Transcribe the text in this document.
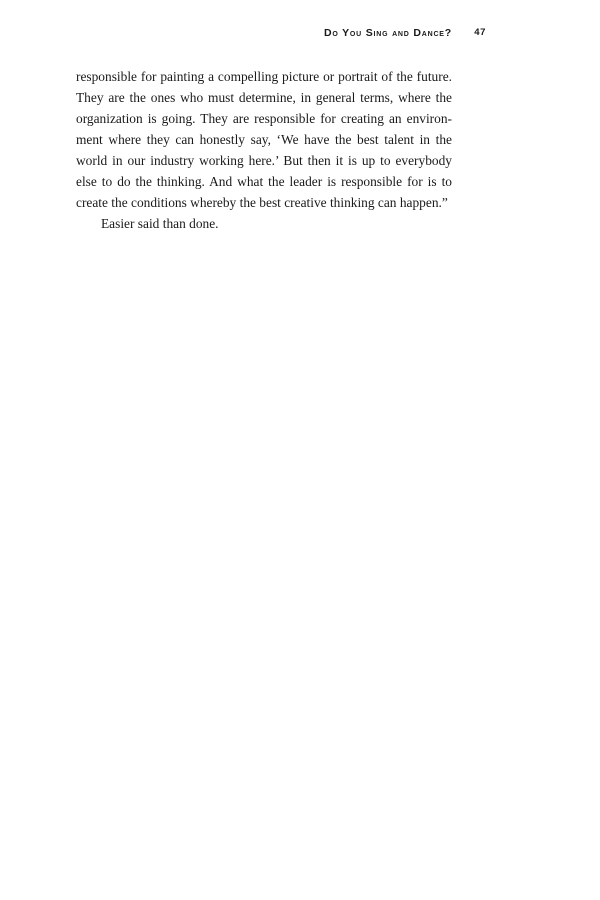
Do You Sing and Dance? 47

responsible for painting a compelling picture or portrait of the future. They are the ones who must determine, in general terms, where the organization is going. They are responsible for creating an environment where they can honestly say, ‘We have the best talent in the world in our industry working here.’ But then it is up to everybody else to do the thinking. And what the leader is responsible for is to create the conditions whereby the best creative thinking can happen.”

Easier said than done.
